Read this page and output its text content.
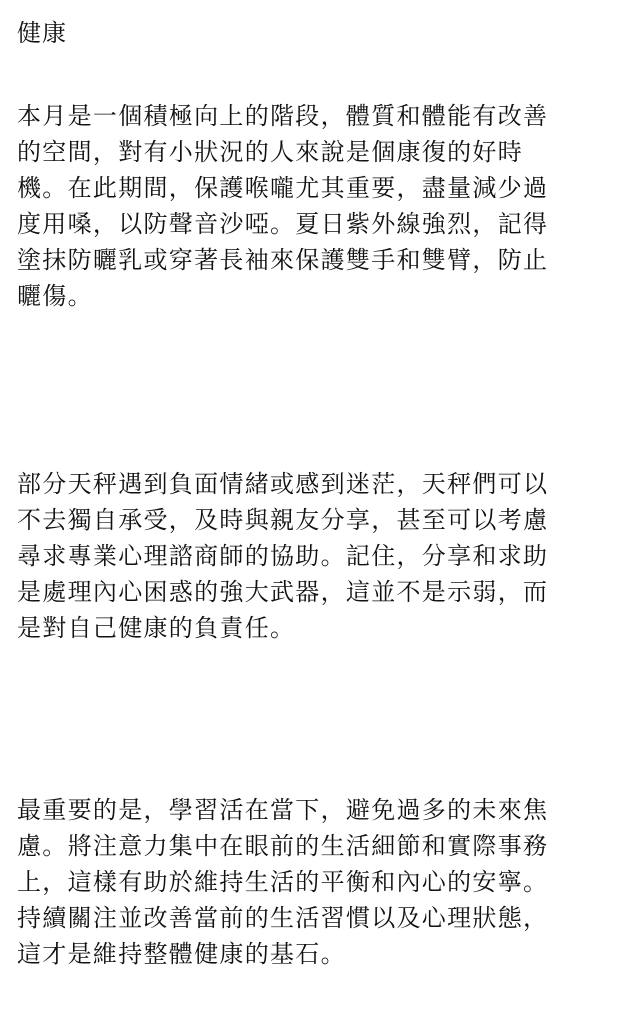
健康

本月是一個積極向上的階段，體質和體能有改善
的空間，對有小狀況的人來說是個康復的好時
機。在此期間，保護喉嚨尤其重要，盡量減少過
度用嗓，以防聲音沙啞。夏日紫外線強烈，記得
塗抹防曬乳或穿著長袖來保護雙手和雙臂，防止
曬傷。

部分天秤遇到負面情緒或感到迷茫，天秤們可以
不去獨自承受，及時與親友分享，甚至可以考慮
尋求專業心理諮商師的協助。記住，分享和求助
是處理內心困惑的強大武器，這並不是示弱，而
是對自己健康的負責任。

最重要的是，學習活在當下，避免過多的未來焦
慮。將注意力集中在眼前的生活細節和實際事務
上，這樣有助於維持生活的平衡和內心的安寧。
持續關注並改善當前的生活習慣以及心理狀態，
這才是維持整體健康的基石。
